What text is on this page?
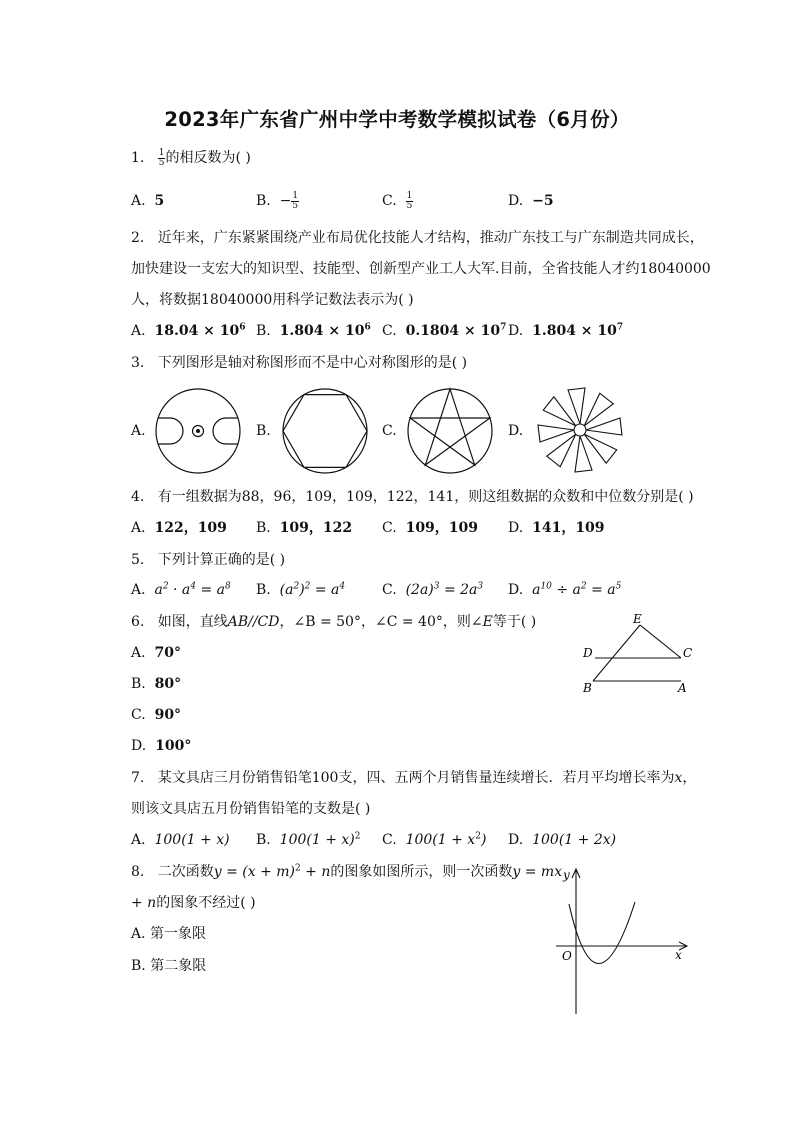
2023年广东省广州中学中考数学模拟试卷（6月份）
1. $\frac{1}{5}$ 的相反数为( )
A. 5	B. − $\frac{1}{5}$	C. $\frac{1}{5}$	D. −5
2. 近年来，广东紧紧围绕产业布局优化技能人才结构，推动广东技工与广东制造共同成长，
加快建设一支宏大的知识型、技能型、创新型产业工人大军.目前，全省技能人才约18040000
人，将数据18040000用科学记数法表示为( )
A. $18.04 \times 10^6$ B. $1.804 \times 10^6$ C. $0.1804 \times 10^7$ D. $1.804 \times 10^7$
3. 下列图形是轴对称图形而不是中心对称图形的是( )
A.	B.	C.	D.
4. 有一组数据为88，96，109，109，122，141，则这组数据的众数和中位数分别是( )
A. 122，109 B. 109，122 C. 109，109 D. 141，109
5. 下列计算正确的是( )
A. $a^2 \cdot a^4 = a^8$ B. $(a^2)^2 = a^4$	C. $(2a)^3 = 2a^3$ D. $a^{10} \div a^2 = a^5$
6. 如图，直线AB//CD，∠B = 50°，∠C = 40°，则∠E等于( )
A. 70°
B. 80°
C. 90°
D. 100°
E
D	C
B	A
7. 某文具店三月份销售铅笔100支，四、五两个月销售量连续增长．若月平均增长率为x，
则该文具店五月份销售铅笔的支数是( )
A. 100(1 + x) B. $100(1 + x)^2$ C. $100(1 + x^2)$ D. 100(1 + 2x)
8. 二次函数$y = (x + m)^2 + n$的图象如图所示，则一次函数y = mx
+ n的图象不经过( )
A. 第一象限
B. 第二象限
y
x
O
